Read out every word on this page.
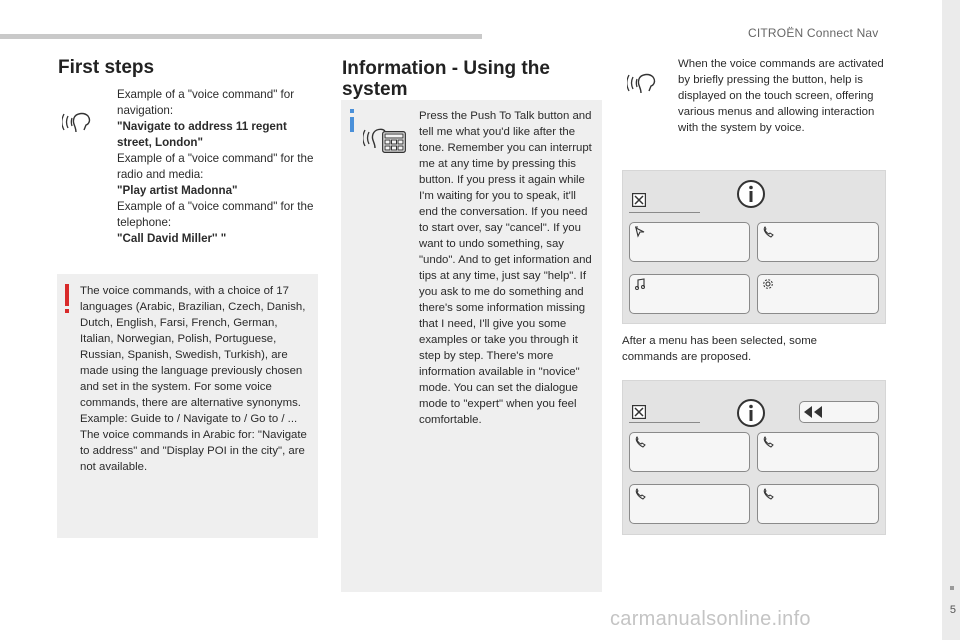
CITROËN Connect Nav
5
carmanualsonline.info
First steps
Example of a "voice command" for navigation:
"Navigate to address 11 regent street, London"
Example of a "voice command" for the radio and media:
"Play artist Madonna"
Example of a "voice command" for the telephone:
"Call David Miller'' "
The voice commands, with a choice of 17 languages (Arabic, Brazilian, Czech, Danish, Dutch, English, Farsi, French, German, Italian, Norwegian, Polish, Portuguese, Russian, Spanish, Swedish, Turkish), are made using the language previously chosen and set in the system. For some voice commands, there are alternative synonyms.
Example: Guide to / Navigate to / Go to / ...
The voice commands in Arabic for: "Navigate to address" and "Display POI in the city", are not available.
Information - Using the system
Press the Push To Talk button and tell me what you'd like after the tone. Remember you can interrupt me at any time by pressing this button. If you press it again while I'm waiting for you to speak, it'll end the conversation. If you need to start over, say "cancel". If you want to undo something, say "undo". And to get information and tips at any time, just say "help". If you ask to me do something and there's some information missing that I need, I'll give you some examples or take you through it step by step. There's more information available in "novice" mode. You can set the dialogue mode to "expert" when you feel comfortable.
When the voice commands are activated by briefly pressing the button, help is displayed on the touch screen, offering various menus and allowing interaction with the system by voice.
After a menu has been selected, some commands are proposed.
